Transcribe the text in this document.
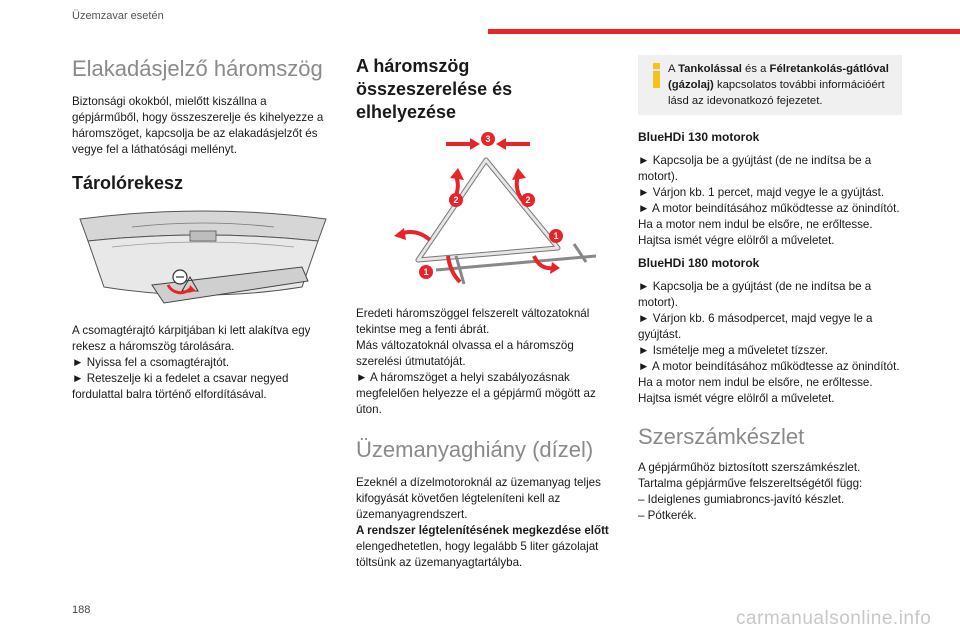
Üzemzavar esetén
Elakadásjelző háromszög

Biztonsági okokból, mielőtt kiszállna a gépjárműből, hogy összeszerelje és kihelyezze a háromszöget, kapcsolja be az elakadásjelzőt és vegye fel a láthatósági mellényt.

Tárolórekesz

A csomagtérajtó kárpitjában ki lett alakítva egy rekesz a háromszög tárolására.

► Nyissa fel a csomagtérajtót.

► Reteszelje ki a fedelet a csavar negyed fordulattal balra történő elfordításával.

A háromszög összeszerelése és elhelyezése
3
2	2
1
1

Eredeti háromszöggel felszerelt változatoknál tekintse meg a fenti ábrát.

Más változatoknál olvassa el a háromszög szerelési útmutatóját.

► A háromszöget a helyi szabályozásnak megfelelően helyezze el a gépjármű mögött az úton.

Üzemanyaghiány (dízel)

Ezeknél a dízelmotoroknál az üzemanyag teljes kifogyását követően légteleníteni kell az üzemanyagrendszert.

A rendszer légtelenítésének megkezdése előtt elengedhetetlen, hogy legalább 5 liter gázolajat töltsünk az üzemanyagtartályba.

A Tankolással és a Félretankolás-gátlóval (gázolaj) kapcsolatos további információért lásd az idevonatkozó fejezetet.

BlueHDi 130 motorok

► Kapcsolja be a gyújtást (de ne indítsa be a motort).

► Várjon kb. 1 percet, majd vegye le a gyújtást.

► A motor beindításához működtesse az önindítót.

Ha a motor nem indul be elsőre, ne erőltesse.

Hajtsa ismét végre elölről a műveletet.

BlueHDi 180 motorok

► Kapcsolja be a gyújtást (de ne indítsa be a motort).

► Várjon kb. 6 másodpercet, majd vegye le a gyújtást.

► Ismételje meg a műveletet tízszer.

► A motor beindításához működtesse az önindítót.

Ha a motor nem indul be elsőre, ne erőltesse.

Hajtsa ismét végre elölről a műveletet.

Szerszámkészlet

A gépjárműhöz biztosított szerszámkészlet.

Tartalma gépjárműve felszereltségétől függ:

– Ideiglenes gumiabroncs-javító készlet.

– Pótkerék.

188	carmanualsonline.info
